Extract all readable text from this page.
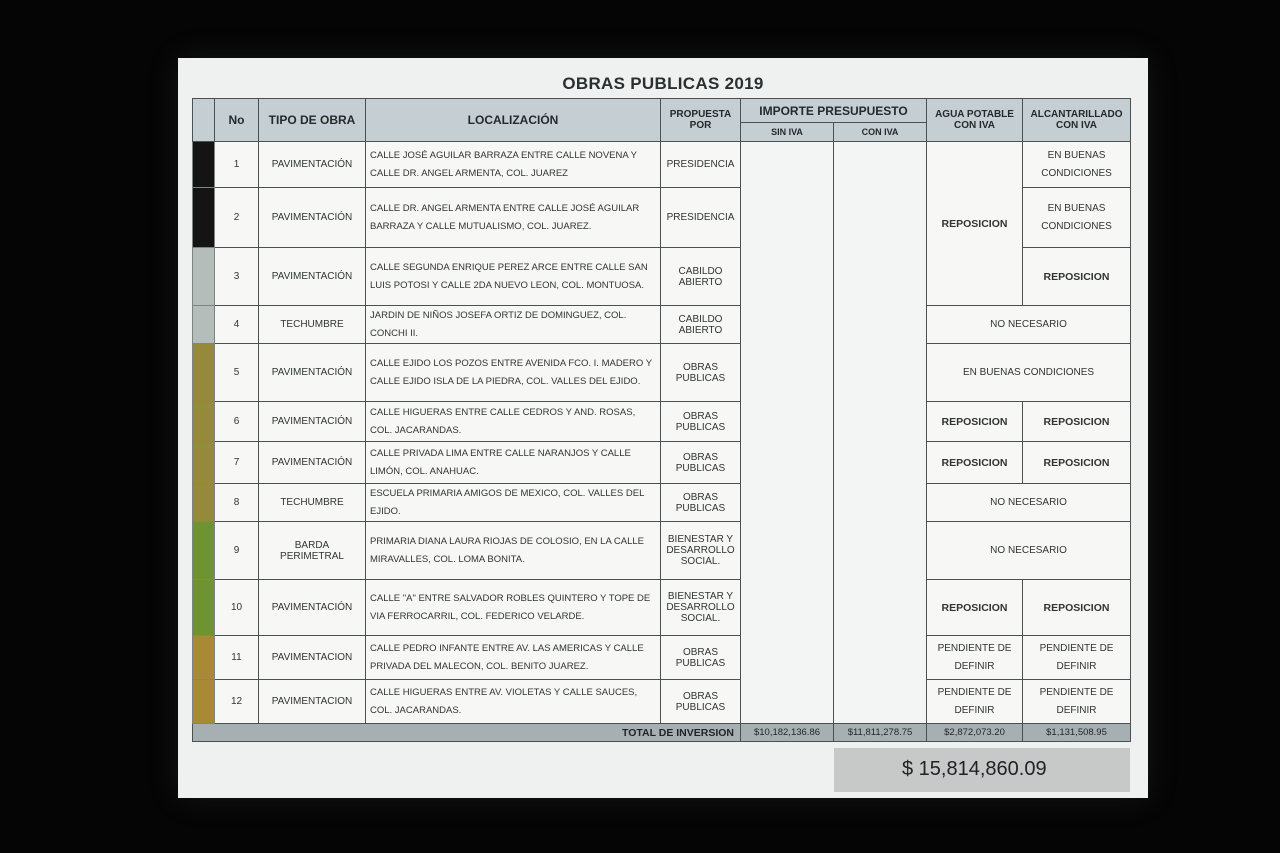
OBRAS PUBLICAS 2019
	No	TIPO DE OBRA	LOCALIZACIÓN	PROPUESTA POR	IMPORTE PRESUPUESTO		AGUA POTABLE CON IVA	ALCANTARILLADO CON IVA
					SIN IVA	CON IVA		
	1	PAVIMENTACIÓN	CALLE JOSÉ AGUILAR BARRAZA ENTRE CALLE NOVENA Y CALLE DR. ANGEL ARMENTA, COL. JUAREZ	PRESIDENCIA			REPOSICION	EN BUENAS CONDICIONES
	2	PAVIMENTACIÓN	CALLE DR. ANGEL ARMENTA ENTRE CALLE JOSÉ AGUILAR BARRAZA Y CALLE MUTUALISMO, COL. JUAREZ.	PRESIDENCIA				EN BUENAS CONDICIONES
	3	PAVIMENTACIÓN	CALLE SEGUNDA ENRIQUE PEREZ ARCE ENTRE CALLE SAN LUIS POTOSI Y CALLE 2DA NUEVO LEON, COL. MONTUOSA.	CABILDO ABIERTO				REPOSICION
	4	TECHUMBRE	JARDIN DE NIÑOS JOSEFA ORTIZ DE DOMINGUEZ, COL. CONCHI II.	CABILDO ABIERTO			NO NECESARIO	
	5	PAVIMENTACIÓN	CALLE EJIDO LOS POZOS ENTRE AVENIDA FCO. I. MADERO Y CALLE EJIDO ISLA DE LA PIEDRA, COL. VALLES DEL EJIDO.	OBRAS PUBLICAS			EN BUENAS CONDICIONES	
	6	PAVIMENTACIÓN	CALLE HIGUERAS ENTRE CALLE CEDROS Y AND. ROSAS, COL. JACARANDAS.	OBRAS PUBLICAS			REPOSICION	REPOSICION
	7	PAVIMENTACIÓN	CALLE PRIVADA LIMA ENTRE CALLE NARANJOS Y CALLE LIMÓN, COL. ANAHUAC.	OBRAS PUBLICAS			REPOSICION	REPOSICION
	8	TECHUMBRE	ESCUELA PRIMARIA AMIGOS DE MEXICO, COL. VALLES DEL EJIDO.	OBRAS PUBLICAS			NO NECESARIO	
	9	BARDA PERIMETRAL	PRIMARIA DIANA LAURA RIOJAS DE COLOSIO, EN LA CALLE MIRAVALLES, COL. LOMA BONITA.	BIENESTAR Y DESARROLLO SOCIAL.			NO NECESARIO	
	10	PAVIMENTACIÓN	CALLE "A" ENTRE SALVADOR ROBLES QUINTERO Y TOPE DE VIA FERROCARRIL, COL. FEDERICO VELARDE.	BIENESTAR Y DESARROLLO SOCIAL.			REPOSICION	REPOSICION
	11	PAVIMENTACION	CALLE PEDRO INFANTE ENTRE AV. LAS AMERICAS Y CALLE PRIVADA DEL MALECON, COL. BENITO JUAREZ.	OBRAS PUBLICAS			PENDIENTE DE DEFINIR	PENDIENTE DE DEFINIR
	12	PAVIMENTACION	CALLE HIGUERAS ENTRE AV. VIOLETAS Y CALLE SAUCES, COL. JACARANDAS.	OBRAS PUBLICAS			PENDIENTE DE DEFINIR	PENDIENTE DE DEFINIR
TOTAL DE INVERSION					$10,182,136.86	$11,811,278.75	$2,872,073.20	$1,131,508.95
$ 15,814,860.09
